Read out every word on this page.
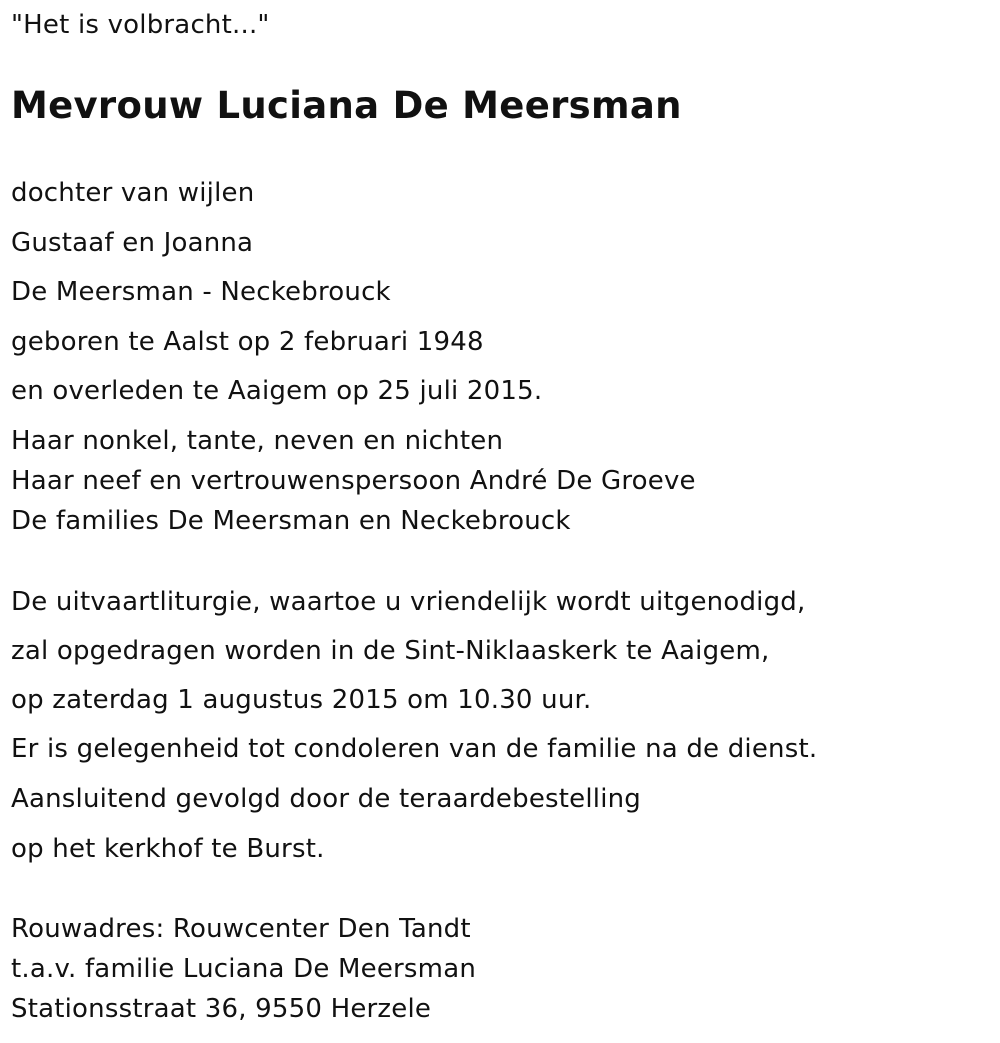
"Het is volbracht..."
Mevrouw Luciana De Meersman
dochter van wijlen
Gustaaf en Joanna
De Meersman - Neckebrouck
geboren te Aalst op 2 februari 1948
en overleden te Aaigem op 25 juli 2015.
Haar nonkel, tante, neven en nichten
Haar neef en vertrouwenspersoon André De Groeve
De families De Meersman en Neckebrouck
De uitvaartliturgie, waartoe u vriendelijk wordt uitgenodigd,
zal opgedragen worden in de Sint-Niklaaskerk te Aaigem,
op zaterdag 1 augustus 2015 om 10.30 uur.
Er is gelegenheid tot condoleren van de familie na de dienst.
Aansluitend gevolgd door de teraardebestelling
op het kerkhof te Burst.
Rouwadres: Rouwcenter Den Tandt
t.a.v. familie Luciana De Meersman
Stationsstraat 36, 9550 Herzele
